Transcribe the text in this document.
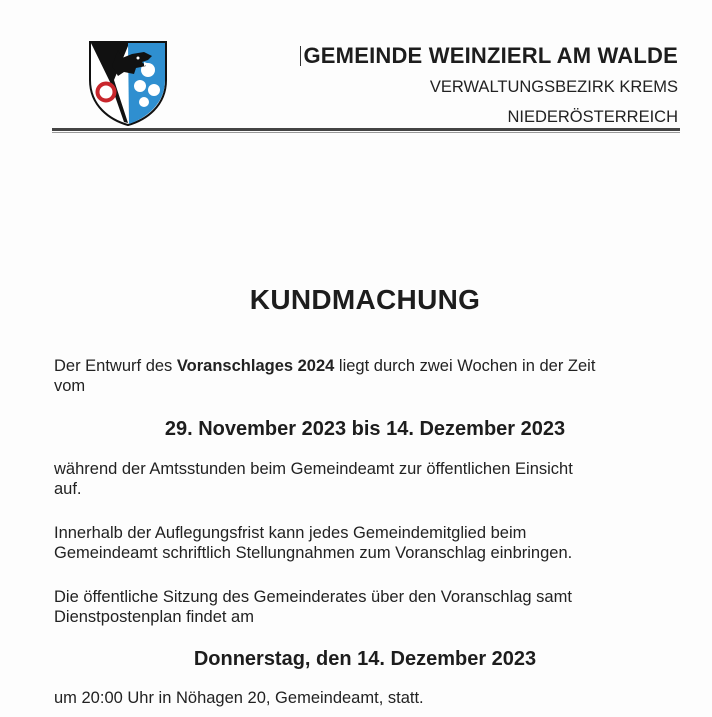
GEMEINDE WEINZIERL AM WALDE
VERWALTUNGSBEZIRK KREMS
NIEDERÖSTERREICH
KUNDMACHUNG
Der Entwurf des Voranschlages 2024 liegt durch zwei Wochen in der Zeit
vom
29. November 2023 bis 14. Dezember 2023
während der Amtsstunden beim Gemeindeamt zur öffentlichen Einsicht
auf.
Innerhalb der Auflegungsfrist kann jedes Gemeindemitglied beim
Gemeindeamt schriftlich Stellungnahmen zum Voranschlag einbringen.
Die öffentliche Sitzung des Gemeinderates über den Voranschlag samt
Dienstpostenplan findet am
Donnerstag, den 14. Dezember 2023
um 20:00 Uhr in Nöhagen 20, Gemeindeamt, statt.
